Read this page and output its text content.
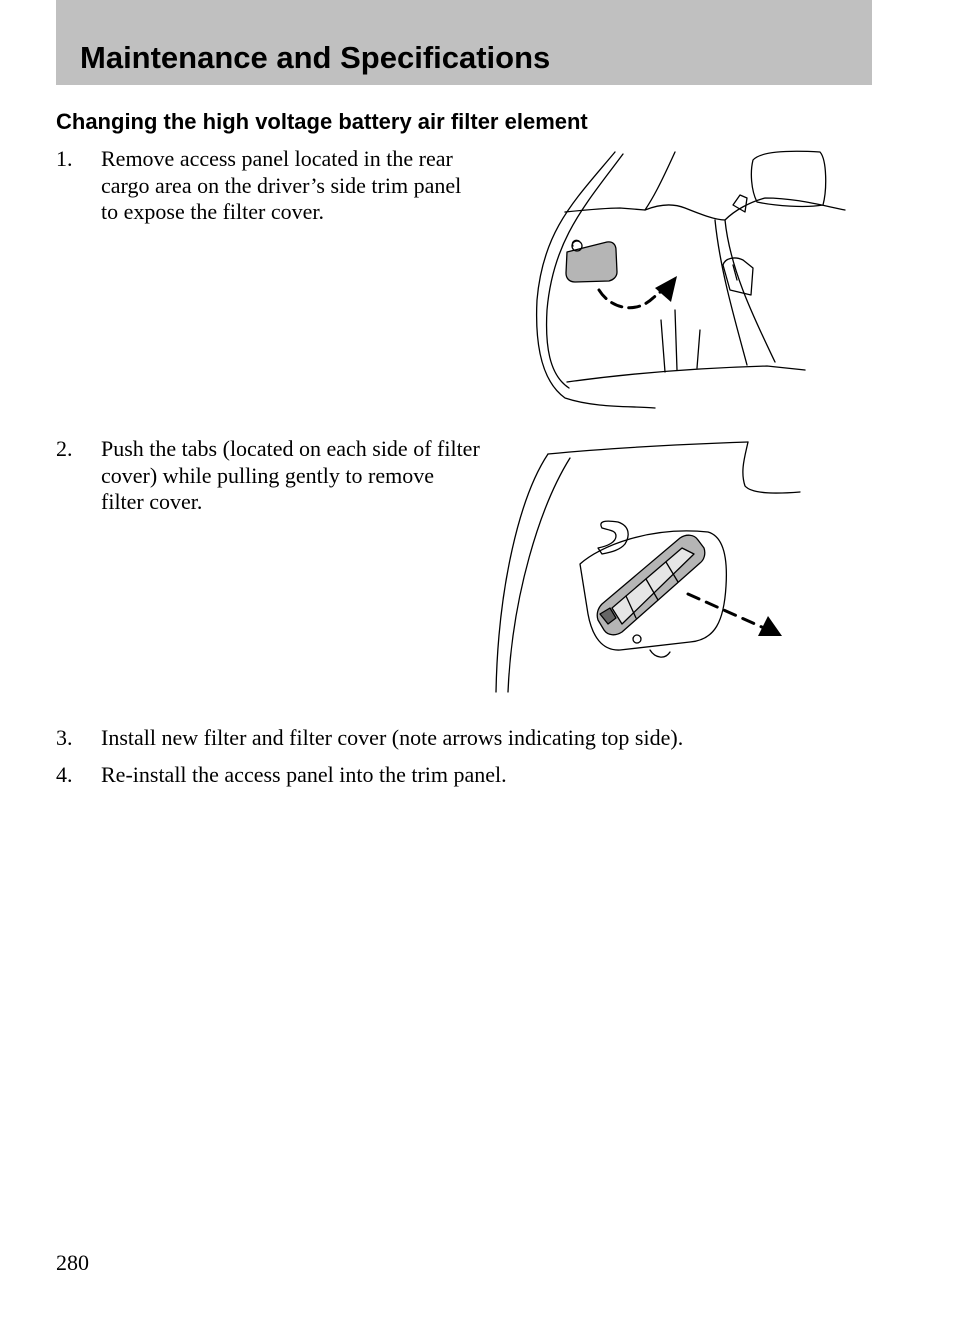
Maintenance and Specifications
Changing the high voltage battery air filter element
1.	Remove access panel located in the rear cargo area on the driver’s side trim panel to expose the filter cover.
2.	Push the tabs (located on each side of filter cover) while pulling gently to remove filter cover.
3.	Install new filter and filter cover (note arrows indicating top side).
4.	Re-install the access panel into the trim panel.

280
